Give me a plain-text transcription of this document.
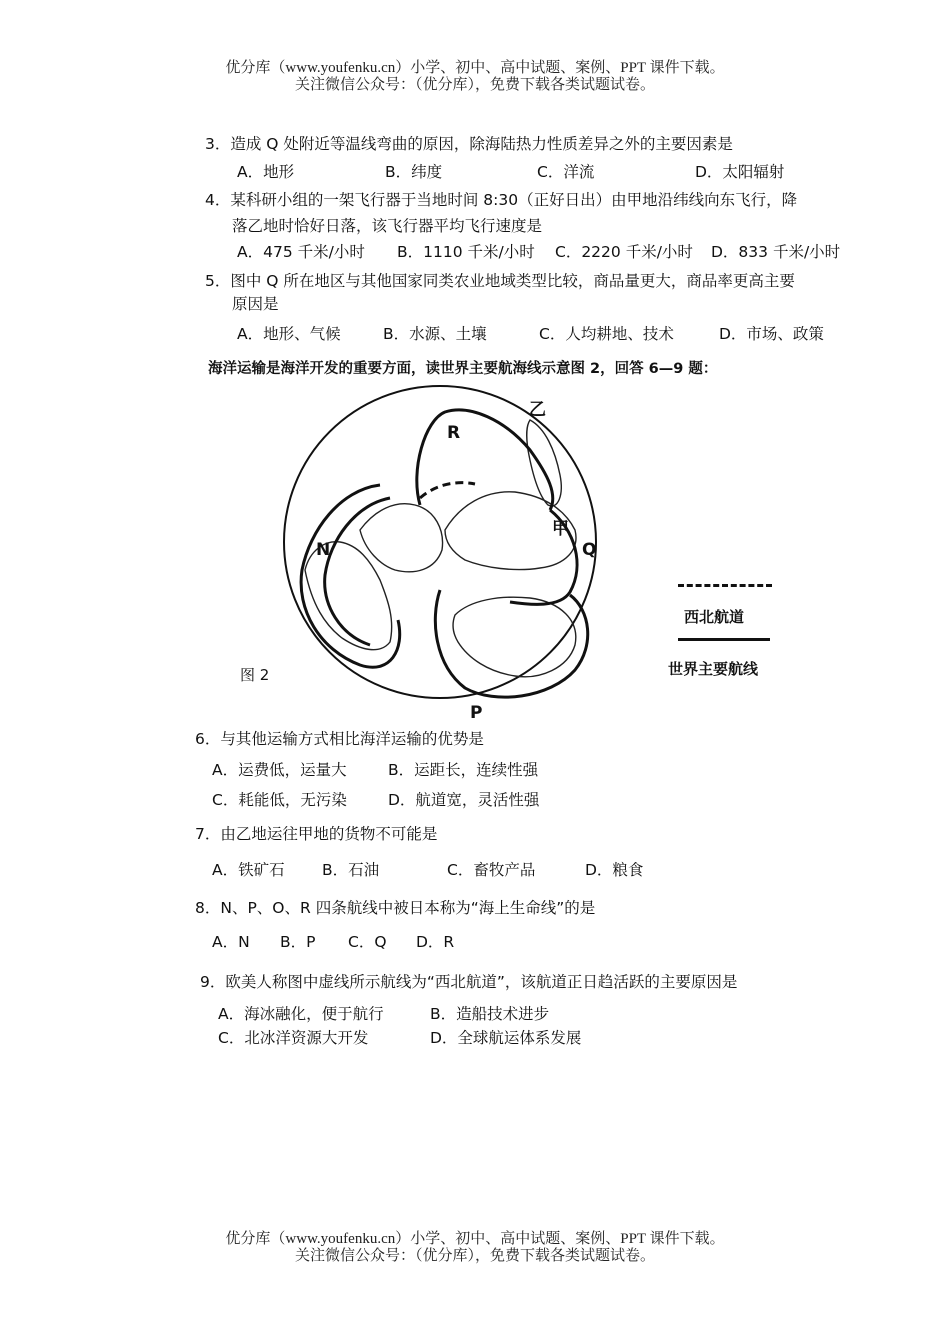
优分库（www.youfenku.cn）小学、初中、高中试题、案例、PPT 课件下载。
关注微信公众号：（优分库），免费下载各类试题试卷。
3．造成 Q 处附近等温线弯曲的原因，除海陆热力性质差异之外的主要因素是
A．地形	B．纬度	C．洋流	D．太阳辐射
4．某科研小组的一架飞行器于当地时间 8:30（正好日出）由甲地沿纬线向东飞行，降
落乙地时恰好日落，该飞行器平均飞行速度是
A．475 千米/小时 B．1110 千米/小时 C．2220 千米/小时 D．833 千米/小时
5．图中 Q 所在地区与其他国家同类农业地域类型比较，商品量更大，商品率更高主要
原因是
A．地形、气候	B．水源、土壤	C．人均耕地、技术	D．市场、政策
海洋运输是海洋开发的重要方面，读世界主要航海线示意图 2，回答 6—9 题：
R
乙
甲
Q
N
P
图 2
西北航道
世界主要航线
6．与其他运输方式相比海洋运输的优势是
A．运费低，运量大	B．运距长，连续性强
C．耗能低，无污染	D．航道宽，灵活性强
7．由乙地运往甲地的货物不可能是
A．铁矿石 B．石油	C．畜牧产品	D．粮食
8．N、P、O、R 四条航线中被日本称为“海上生命线”的是
A．N B．P C．Q D．R
9．欧美人称图中虚线所示航线为“西北航道”，该航道正日趋活跃的主要原因是
A．海冰融化，便于航行	B．造船技术进步
C．北冰洋资源大开发	D．全球航运体系发展
优分库（www.youfenku.cn）小学、初中、高中试题、案例、PPT 课件下载。
关注微信公众号：（优分库），免费下载各类试题试卷。
